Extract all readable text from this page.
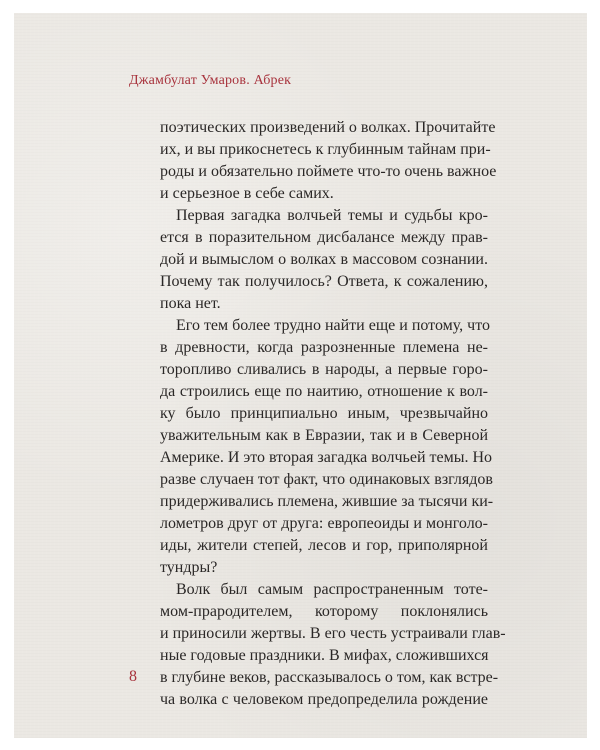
Джамбулат Умаров. Абрек

поэтических произведений о волках. Прочитайте
их, и вы прикоснетесь к глубинным тайнам при-
роды и обязательно поймете что-то очень важное
и серьезное в себе самих.
Первая загадка волчьей темы и судьбы кро-
ется в поразительном дисбалансе между прав-
дой и вымыслом о волках в массовом сознании.
Почему так получилось? Ответа, к сожалению,
пока нет.
Его тем более трудно найти еще и потому, что
в древности, когда разрозненные племена не-
торопливо сливались в народы, а первые горо-
да строились еще по наитию, отношение к вол-
ку было принципиально иным, чрезвычайно
уважительным как в Евразии, так и в Северной
Америке. И это вторая загадка волчьей темы. Но
разве случаен тот факт, что одинаковых взглядов
придерживались племена, жившие за тысячи ки-
лометров друг от друга: европеоиды и монголо-
иды, жители степей, лесов и гор, приполярной
тундры?
Волк был самым распространенным тоте-
мом-прародителем, которому поклонялись
и приносили жертвы. В его честь устраивали глав-
ные годовые праздники. В мифах, сложившихся
в глубине веков, рассказывалось о том, как встре-
ча волка с человеком предопределила рождение

8
